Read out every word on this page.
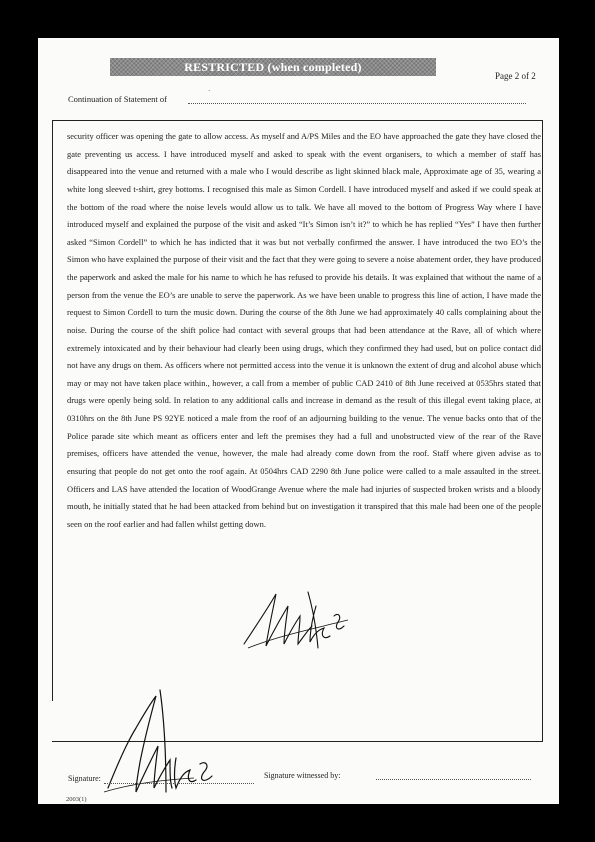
RESTRICTED (when completed)
Page 2 of 2
·
Continuation of Statement of

security officer was opening the gate to allow access. As myself and A/PS Miles and the EO have approached the gate they have closed the gate preventing us access. I have introduced myself and asked to speak with the event organisers, to which a member of staff has disappeared into the venue and returned with a male who I would describe as light skinned black male, Approximate age of 35, wearing a white long sleeved t-shirt, grey bottoms. I recognised this male as Simon Cordell. I have introduced myself and asked if we could speak at the bottom of the road where the noise levels would allow us to talk. We have all moved to the bottom of Progress Way where I have introduced myself and explained the purpose of the visit and asked “It’s Simon isn’t it?” to which he has replied “Yes” I have then further asked “Simon Cordell” to which he has indicted that it was but not verbally confirmed the answer. I have introduced the two EO’s the Simon who have explained the purpose of their visit and the fact that they were going to severe a noise abatement order, they have produced the paperwork and asked the male for his name to which he has refused to provide his details. It was explained that without the name of a person from the venue the EO’s are unable to serve the paperwork. As we have been unable to progress this line of action, I have made the request to Simon Cordell to turn the music down. During the course of the 8th June we had approximately 40 calls complaining about the noise. During the course of the shift police had contact with several groups that had been attendance at the Rave, all of which where extremely intoxicated and by their behaviour had clearly been using drugs, which they confirmed they had used, but on police contact did not have any drugs on them. As officers where not permitted access into the venue it is unknown the extent of drug and alcohol abuse which may or may not have taken place within., however, a call from a member of public CAD 2410 of 8th June received at 0535hrs stated that drugs were openly being sold. In relation to any additional calls and increase in demand as the result of this illegal event taking place, at 0310hrs on the 8th June PS 92YE noticed a male from the roof of an adjourning building to the venue. The venue backs onto that of the Police parade site which meant as officers enter and left the premises they had a full and unobstructed view of the rear of the Rave premises, officers have attended the venue, however, the male had already come down from the roof. Staff where given advise as to ensuring that people do not get onto the roof again. At 0504hrs CAD 2290 8th June police were called to a male assaulted in the street. Officers and LAS have attended the location of WoodGrange Avenue where the male had injuries of suspected broken wrists and a bloody mouth, he initially stated that he had been attacked from behind but on investigation it transpired that this male had been one of the people seen on the roof earlier and had fallen whilst getting down.

Signature:	Signature witnessed by:
2003(1)
